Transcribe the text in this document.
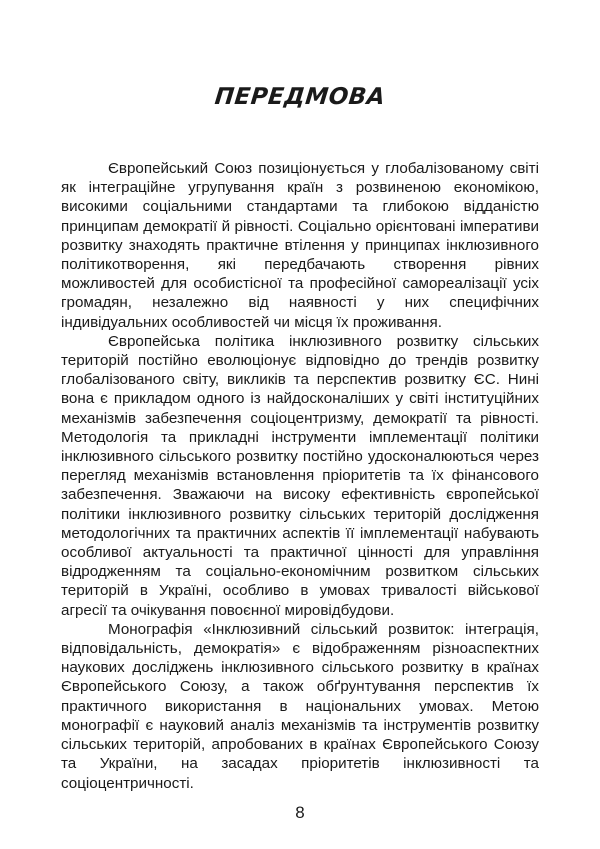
ПЕРЕДМОВА

Європейський Союз позиціонується у глобалізованому світі як інтеграційне угрупування країн з розвиненою економікою, високими соціальними стандартами та глибокою відданістю принципам демократії й рівності. Соціально орієнтовані імперативи розвитку знаходять практичне втілення у принципах інклюзивного політикотворення, які передбачають створення рівних можливостей для особистісної та професійної самореалізації усіх громадян, незалежно від наявності у них специфічних індивідуальних особливостей чи місця їх проживання.

Європейська політика інклюзивного розвитку сільських територій постійно еволюціонує відповідно до трендів розвитку глобалізованого світу, викликів та перспектив розвитку ЄС. Нині вона є прикладом одного із найдосконаліших у світі інституційних механізмів забезпечення соціоцентризму, демократії та рівності. Методологія та прикладні інструменти імплементації політики інклюзивного сільського розвитку постійно удосконалюються через перегляд механізмів встановлення пріоритетів та їх фінансового забезпечення. Зважаючи на високу ефективність європейської політики інклюзивного розвитку сільських територій дослідження методологічних та практичних аспектів її імплементації набувають особливої актуальності та практичної цінності для управління відродженням та соціально-економічним розвитком сільських територій в Україні, особливо в умовах тривалості військової агресії та очікування повоєнної мировідбудови.

Монографія «Інклюзивний сільський розвиток: інтеграція, відповідальність, демократія» є відображенням різноаспектних наукових досліджень інклюзивного сільського розвитку в країнах Європейського Союзу, а також обґрунтування перспектив їх практичного використання в національних умовах. Метою монографії є науковий аналіз механізмів та інструментів розвитку сільських територій, апробованих в країнах Європейського Союзу та України, на засадах пріоритетів інклюзивності та соціоцентричності.

8
